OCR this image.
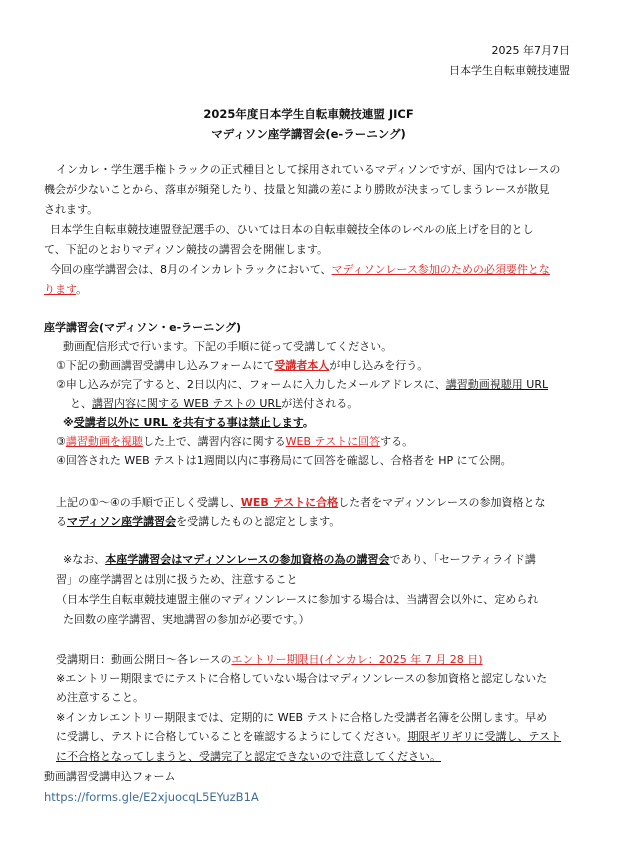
2025 年7月7日
日本学生自転車競技連盟
2025年度日本学生自転車競技連盟 JICF
マディソン座学講習会(e-ラーニング)
インカレ・学生選手権トラックの正式種目として採用されているマディソンですが、国内ではレースの
機会が少ないことから、落車が頻発したり、技量と知識の差により勝敗が決まってしまうレースが散見
されます。
日本学生自転車競技連盟登記選手の、ひいては日本の自転車競技全体のレベルの底上げを目的とし
て、下記のとおりマディソン競技の講習会を開催します。
今回の座学講習会は、8月のインカレトラックにおいて、マディソンレース参加のための必須要件とな
ります。
座学講習会(マディソン・e-ラーニング)
動画配信形式で行います。下記の手順に従って受講してください。
①下記の動画講習受講申し込みフォームにて受講者本人が申し込みを行う。
②申し込みが完了すると、2日以内に、フォームに入力したメールアドレスに、講習動画視聴用 URL
と、講習内容に関する WEB テストの URLが送付される。
※受講者以外に URL を共有する事は禁止します。
③講習動画を視聴した上で、講習内容に関するWEB テストに回答する。
④回答された WEB テストは1週間以内に事務局にて回答を確認し、合格者を HP にて公開。
上記の①～④の手順で正しく受講し、WEB テストに合格した者をマディソンレースの参加資格とな
るマディソン座学講習会を受講したものと認定とします。
※なお、本座学講習会はマディソンレースの参加資格の為の講習会であり、「セーフティライド講
習」の座学講習とは別に扱うため、注意すること
（日本学生自転車競技連盟主催のマディソンレースに参加する場合は、当講習会以外に、定められ
た回数の座学講習、実地講習の参加が必要です。）
受講期日：動画公開日～各レースのエントリー期限日(インカレ：2025 年 7 月 28 日)
※エントリー期限までにテストに合格していない場合はマディソンレースの参加資格と認定しないた
め注意すること。
※インカレエントリー期限までは、定期的に WEB テストに合格した受講者名簿を公開します。早め
に受講し、テストに合格していることを確認するようにしてください。期限ギリギリに受講し、テスト
に不合格となってしまうと、受講完了と認定できないので注意してください。
動画講習受講申込フォーム
https://forms.gle/E2xjuocqL5EYuzB1A
